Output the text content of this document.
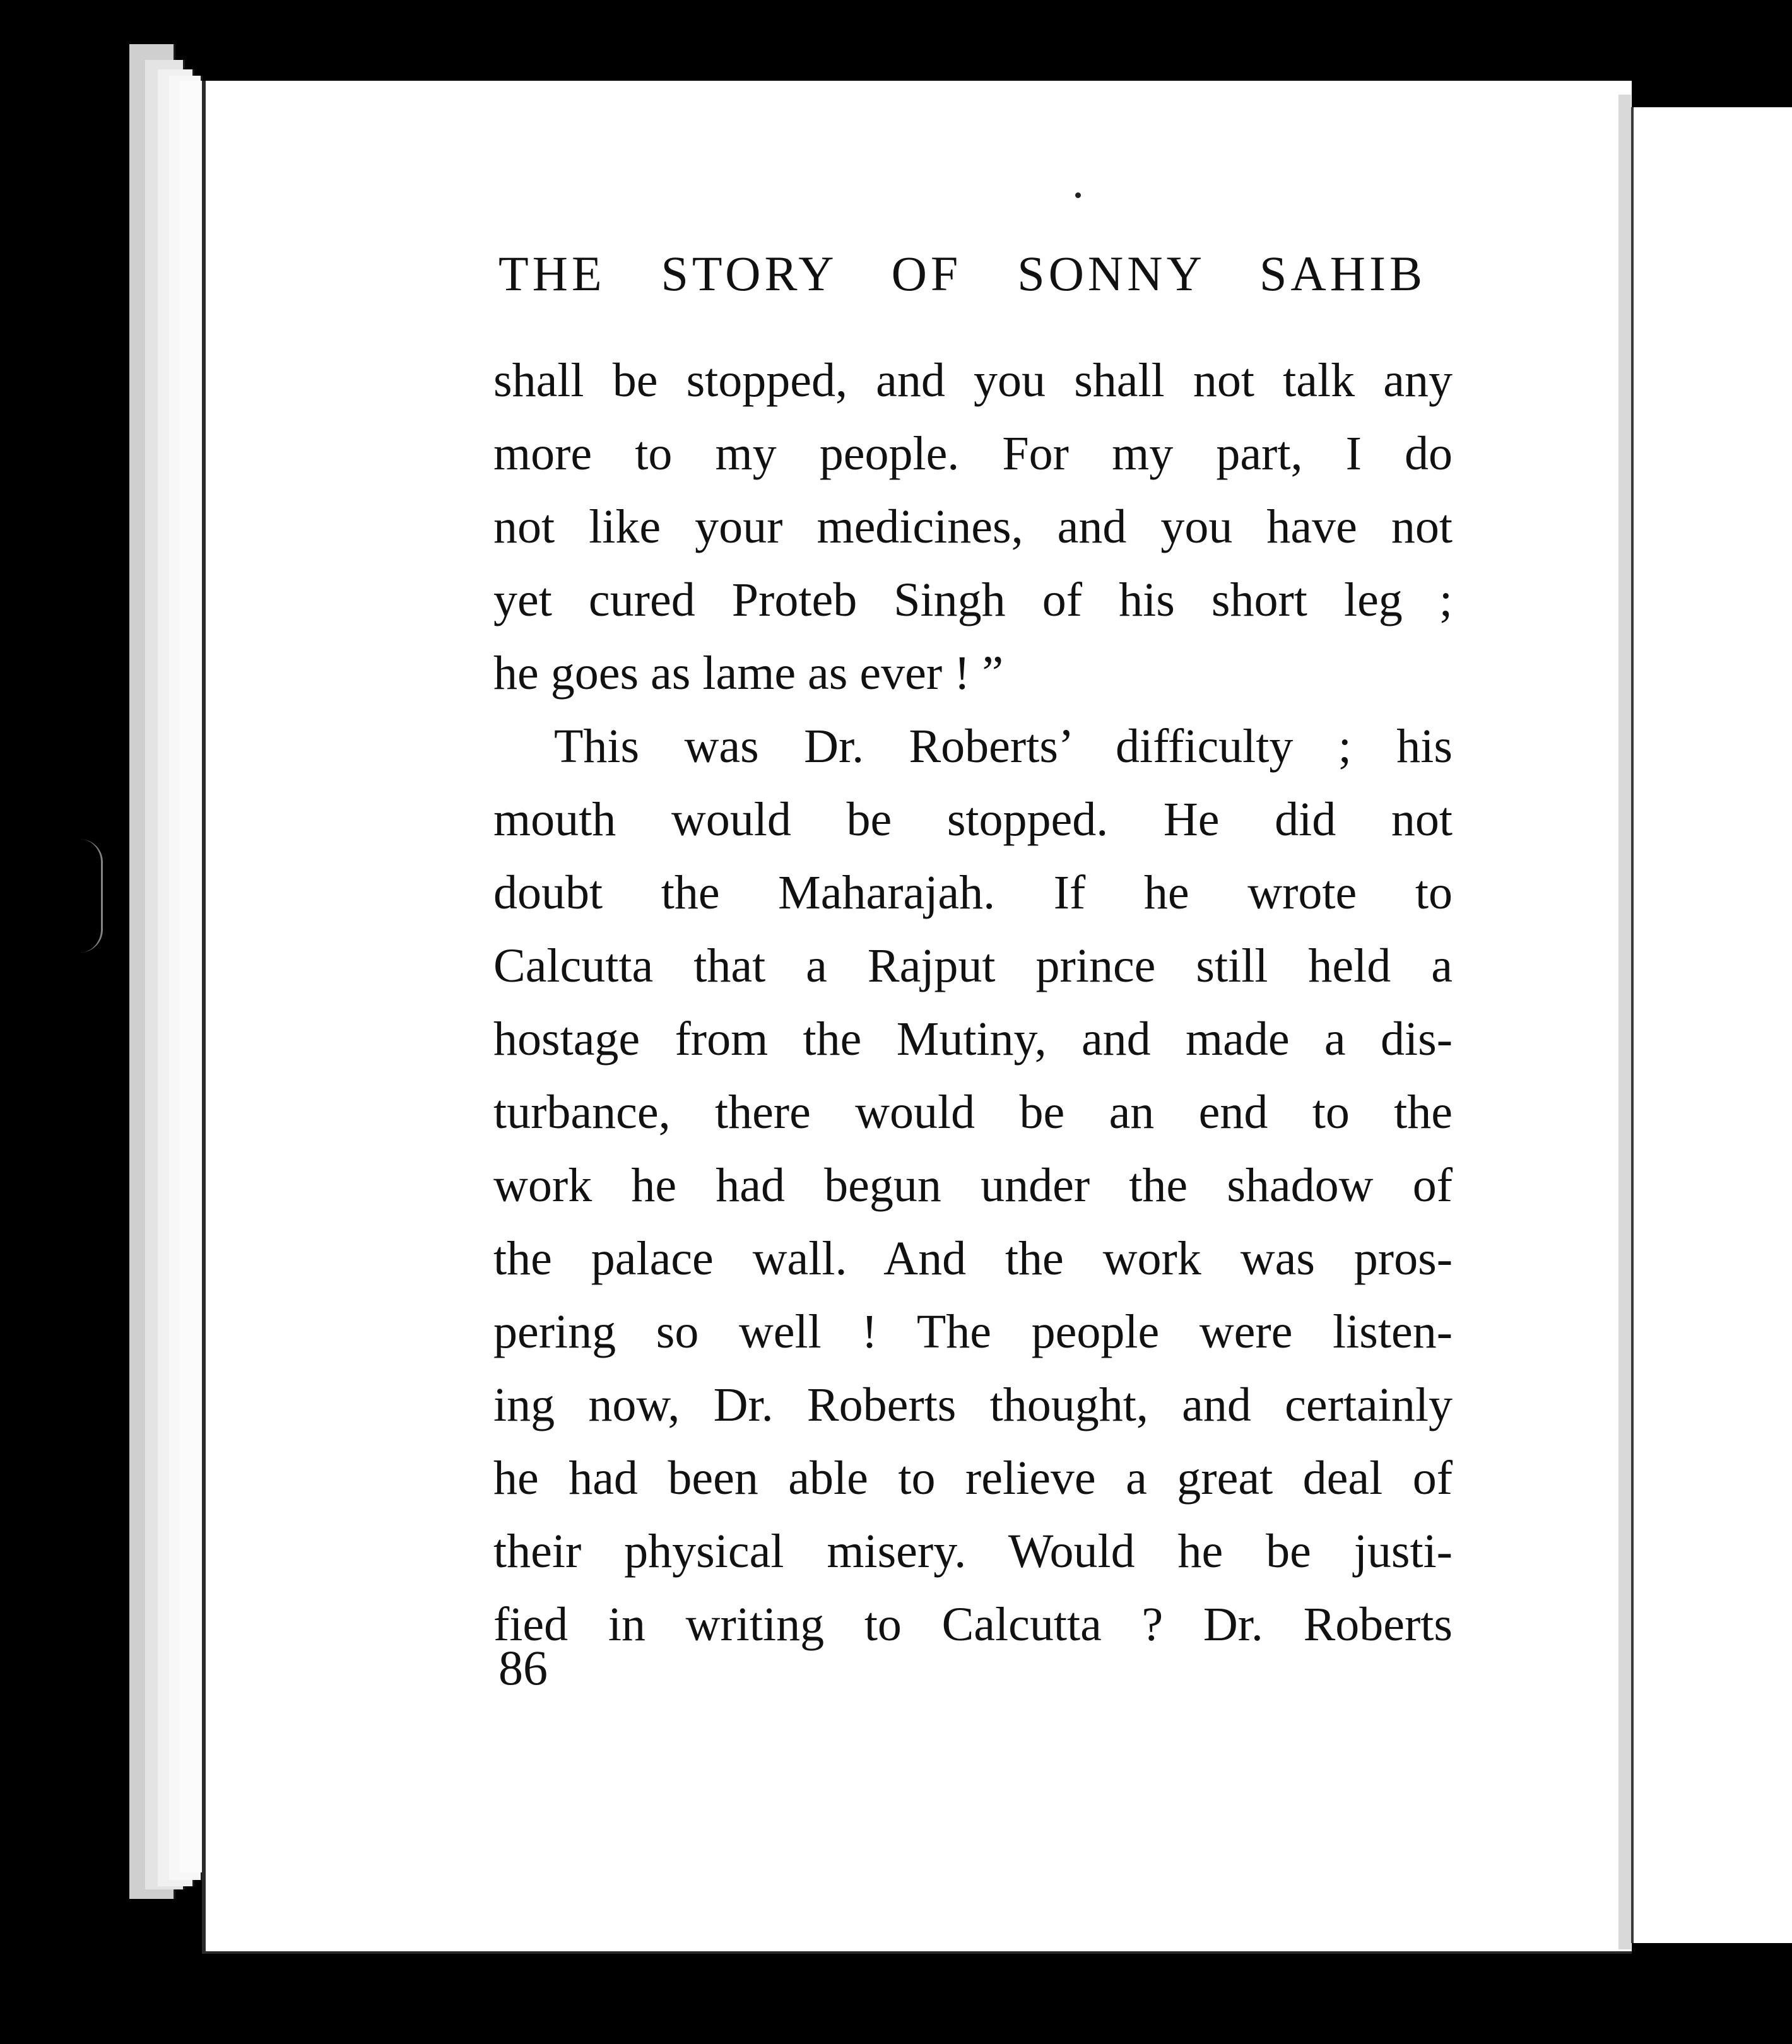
THE STORY OF SONNY SAHIB
shall be stopped, and you shall not talk any
more to my people. For my part, I do
not like your medicines, and you have not
yet cured Proteb Singh of his short leg ;
he goes as lame as ever ! ”
This was Dr. Roberts’ difficulty ; his
mouth would be stopped. He did not
doubt the Maharajah. If he wrote to
Calcutta that a Rajput prince still held a
hostage from the Mutiny, and made a dis-
turbance, there would be an end to the
work he had begun under the shadow of
the palace wall. And the work was pros-
pering so well ! The people were listen-
ing now, Dr. Roberts thought, and certainly
he had been able to relieve a great deal of
their physical misery. Would he be justi-
fied in writing to Calcutta ? Dr. Roberts
86
